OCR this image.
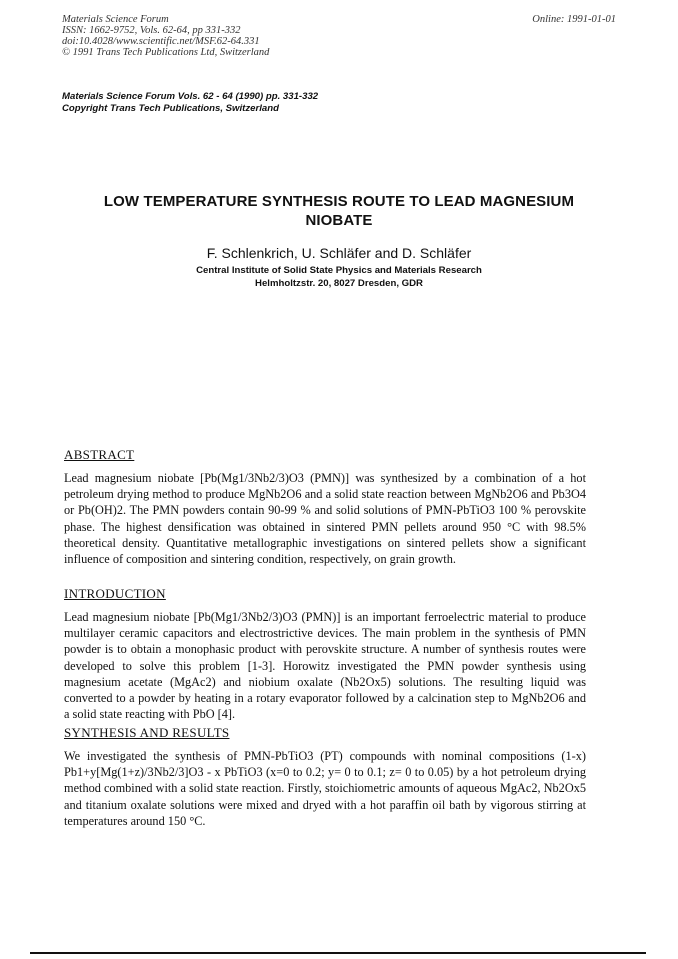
Materials Science Forum
ISSN: 1662-9752, Vols. 62-64, pp 331-332
doi:10.4028/www.scientific.net/MSF.62-64.331
© 1991 Trans Tech Publications Ltd, Switzerland
Online: 1991-01-01
Materials Science Forum Vols. 62 - 64 (1990) pp. 331-332
Copyright Trans Tech Publications, Switzerland
LOW TEMPERATURE SYNTHESIS ROUTE TO LEAD MAGNESIUM
NIOBATE
F. Schlenkrich, U. Schläfer and D. Schläfer
Central Institute of Solid State Physics and Materials Research
Helmholtzstr. 20, 8027 Dresden, GDR
ABSTRACT

Lead magnesium niobate [Pb(Mg1/3Nb2/3)O3 (PMN)] was synthesized by a combination of a hot petroleum drying method to produce MgNb2O6 and a solid state reaction between MgNb2O6 and Pb3O4 or Pb(OH)2. The PMN powders contain 90-99 % and solid solutions of PMN-PbTiO3 100 % perovskite phase. The highest densification was obtained in sintered PMN pellets around 950 °C with 98.5% theoretical density. Quantitative metallographic investigations on sintered pellets show a significant influence of composition and sintering condition, respectively, on grain growth.

INTRODUCTION

Lead magnesium niobate [Pb(Mg1/3Nb2/3)O3 (PMN)] is an important ferroelectric material to produce multilayer ceramic capacitors and electrostrictive devices. The main problem in the synthesis of PMN powder is to obtain a monophasic product with perovskite structure. A number of synthesis routes were developed to solve this problem [1-3]. Horowitz investigated the PMN powder synthesis using magnesium acetate (MgAc2) and niobium oxalate (Nb2Ox5) solutions. The resulting liquid was converted to a powder by heating in a rotary evaporator followed by a calcination step to MgNb2O6 and a solid state reacting with PbO [4].

SYNTHESIS AND RESULTS

We investigated the synthesis of PMN-PbTiO3 (PT) compounds with nominal compositions (1-x) Pb1+y[Mg(1+z)/3Nb2/3]O3 - x PbTiO3 (x=0 to 0.2; y= 0 to 0.1; z= 0 to 0.05) by a hot petroleum drying method combined with a solid state reaction. Firstly, stoichiometric amounts of aqueous MgAc2, Nb2Ox5 and titanium oxalate solutions were mixed and dryed with a hot paraffin oil bath by vigorous stirring at temperatures around 150 °C.
